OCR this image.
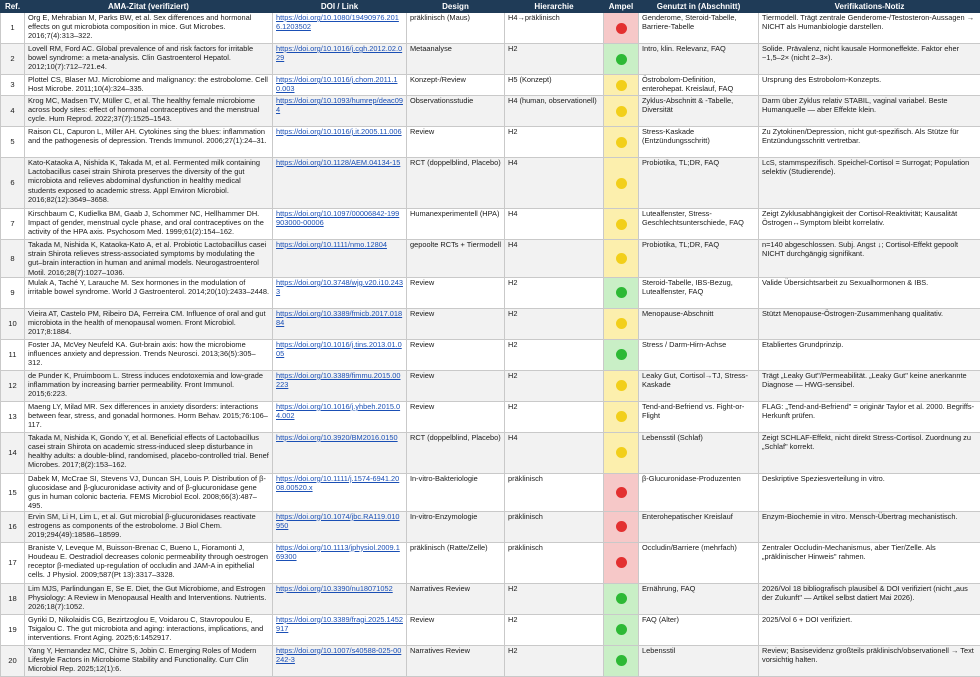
Ref.	AMA-Zitat (verifiziert)	DOI / Link	Design	Hierarchie	Ampel	Genutzt in (Abschnitt)	Verifikations-Notiz
1	Org E, Mehrabian M, Parks BW, et al. Sex differences and hormonal effects on gut microbiota composition in mice. Gut Microbes. 2016;7(4):313–322.	https://doi.org/10.1080/19490976.2016.1203502	präklinisch (Maus)	H4→präklinisch		Genderome, Steroid-Tabelle, Barriere-Tabelle	Tiermodell. Trägt zentrale Genderome-/Testosteron-Aussagen → NICHT als Humanbiologie darstellen.
2	Lovell RM, Ford AC. Global prevalence of and risk factors for irritable bowel syndrome: a meta-analysis. Clin Gastroenterol Hepatol. 2012;10(7):712–721.e4.	https://doi.org/10.1016/j.cgh.2012.02.029	Metaanalyse	H2		Intro, klin. Relevanz, FAQ	Solide. Prävalenz, nicht kausale Hormoneffekte. Faktor eher ~1,5–2× (nicht 2–3×).
3	Plottel CS, Blaser MJ. Microbiome and malignancy: the estrobolome. Cell Host Microbe. 2011;10(4):324–335.	https://doi.org/10.1016/j.chom.2011.10.003	Konzept-/Review	H5 (Konzept)		Östrobolom-Definition, enterohepat. Kreislauf, FAQ	Ursprung des Estrobolom-Konzepts.
4	Krog MC, Madsen TV, Müller C, et al. The healthy female microbiome across body sites: effect of hormonal contraceptives and the menstrual cycle. Hum Reprod. 2022;37(7):1525–1543.	https://doi.org/10.1093/humrep/deac094	Observationsstudie	H4 (human, observationell)		Zyklus-Abschnitt & -Tabelle, Diversität	Darm über Zyklus relativ STABIL, vaginal variabel. Beste Humanquelle — aber Effekte klein.
5	Raison CL, Capuron L, Miller AH. Cytokines sing the blues: inflammation and the pathogenesis of depression. Trends Immunol. 2006;27(1):24–31.	https://doi.org/10.1016/j.it.2005.11.006	Review	H2		Stress-Kaskade (Entzündungsschritt)	Zu Zytokinen/Depression, nicht gut-spezifisch. Als Stütze für Entzündungsschritt vertretbar.
6	Kato-Kataoka A, Nishida K, Takada M, et al. Fermented milk containing Lactobacillus casei strain Shirota preserves the diversity of the gut microbiota and relieves abdominal dysfunction in healthy medical students exposed to academic stress. Appl Environ Microbiol. 2016;82(12):3649–3658.	https://doi.org/10.1128/AEM.04134-15	RCT (doppelblind, Placebo)	H4		Probiotika, TL;DR, FAQ	LcS, stammspezifisch. Speichel-Cortisol = Surrogat; Population selektiv (Studierende).
7	Kirschbaum C, Kudielka BM, Gaab J, Schommer NC, Hellhammer DH. Impact of gender, menstrual cycle phase, and oral contraceptives on the activity of the HPA axis. Psychosom Med. 1999;61(2):154–162.	https://doi.org/10.1097/00006842-199903000-00006	Humanexperimentell (HPA)	H4		Lutealfenster, Stress-Geschlechtsunterschiede, FAQ	Zeigt Zyklusabhängigkeit der Cortisol-Reaktivität; Kausalität Östrogen↔Symptom bleibt korrelativ.
8	Takada M, Nishida K, Kataoka-Kato A, et al. Probiotic Lactobacillus casei strain Shirota relieves stress-associated symptoms by modulating the gut–brain interaction in human and animal models. Neurogastroenterol Motil. 2016;28(7):1027–1036.	https://doi.org/10.1111/nmo.12804	gepoolte RCTs + Tiermodell	H4		Probiotika, TL;DR, FAQ	n=140 abgeschlossen. Subj. Angst ↓; Cortisol-Effekt gepoolt NICHT durchgängig signifikant.
9	Mulak A, Taché Y, Larauche M. Sex hormones in the modulation of irritable bowel syndrome. World J Gastroenterol. 2014;20(10):2433–2448.	https://doi.org/10.3748/wjg.v20.i10.2433	Review	H2		Steroid-Tabelle, IBS-Bezug, Lutealfenster, FAQ	Valide Übersichtsarbeit zu Sexualhormonen & IBS.
10	Vieira AT, Castelo PM, Ribeiro DA, Ferreira CM. Influence of oral and gut microbiota in the health of menopausal women. Front Microbiol. 2017;8:1884.	https://doi.org/10.3389/fmicb.2017.01884	Review	H2		Menopause-Abschnitt	Stützt Menopause-Östrogen-Zusammenhang qualitativ.
11	Foster JA, McVey Neufeld KA. Gut-brain axis: how the microbiome influences anxiety and depression. Trends Neurosci. 2013;36(5):305–312.	https://doi.org/10.1016/j.tins.2013.01.005	Review	H2		Stress / Darm-Hirn-Achse	Etabliertes Grundprinzip.
12	de Punder K, Pruimboom L. Stress induces endotoxemia and low-grade inflammation by increasing barrier permeability. Front Immunol. 2015;6:223.	https://doi.org/10.3389/fimmu.2015.00223	Review	H2		Leaky Gut, Cortisol→TJ, Stress-Kaskade	Trägt „Leaky Gut"/Permeabilität. „Leaky Gut" keine anerkannte Diagnose — HWG-sensibel.
13	Maeng LY, Milad MR. Sex differences in anxiety disorders: interactions between fear, stress, and gonadal hormones. Horm Behav. 2015;76:106–117.	https://doi.org/10.1016/j.yhbeh.2015.04.002	Review	H2		Tend-and-Befriend vs. Fight-or-Flight	FLAG: „Tend-and-Befriend" = originär Taylor et al. 2000. Begriffs-Herkunft prüfen.
14	Takada M, Nishida K, Gondo Y, et al. Beneficial effects of Lactobacillus casei strain Shirota on academic stress-induced sleep disturbance in healthy adults: a double-blind, randomised, placebo-controlled trial. Benef Microbes. 2017;8(2):153–162.	https://doi.org/10.3920/BM2016.0150	RCT (doppelblind, Placebo)	H4		Lebensstil (Schlaf)	Zeigt SCHLAF-Effekt, nicht direkt Stress-Cortisol. Zuordnung zu „Schlaf" korrekt.
15	Dabek M, McCrae SI, Stevens VJ, Duncan SH, Louis P. Distribution of β-glucosidase and β-glucuronidase activity and of β-glucuronidase gene gus in human colonic bacteria. FEMS Microbiol Ecol. 2008;66(3):487–495.	https://doi.org/10.1111/j.1574-6941.2008.00520.x	In-vitro-Bakteriologie	präklinisch		β-Glucuronidase-Produzenten	Deskriptive Speziesverteilung in vitro.
16	Ervin SM, Li H, Lim L, et al. Gut microbial β-glucuronidases reactivate estrogens as components of the estrobolome. J Biol Chem. 2019;294(49):18586–18599.	https://doi.org/10.1074/jbc.RA119.010950	In-vitro-Enzymologie	präklinisch		Enterohepatischer Kreislauf	Enzym-Biochemie in vitro. Mensch-Übertrag mechanistisch.
17	Braniste V, Leveque M, Buisson-Brenac C, Bueno L, Fioramonti J, Houdeau E. Oestradiol decreases colonic permeability through oestrogen receptor β-mediated up-regulation of occludin and JAM-A in epithelial cells. J Physiol. 2009;587(Pt 13):3317–3328.	https://doi.org/10.1113/jphysiol.2009.169300	präklinisch (Ratte/Zelle)	präklinisch		Occludin/Barriere (mehrfach)	Zentraler Occludin-Mechanismus, aber Tier/Zelle. Als „präklinischer Hinweis" rahmen.
18	Lim MJS, Parlindungan E, Se E. Diet, the Gut Microbiome, and Estrogen Physiology: A Review in Menopausal Health and Interventions. Nutrients. 2026;18(7):1052.	https://doi.org/10.3390/nu18071052	Narratives Review	H2		Ernährung, FAQ	2026/Vol 18 bibliografisch plausibel & DOI verifiziert (nicht „aus der Zukunft" — Artikel selbst datiert Mai 2026).
19	Gyriki D, Nikolaidis CG, Bezirtzoglou E, Voidarou C, Stavropoulou E, Tsigalou C. The gut microbiota and aging: interactions, implications, and interventions. Front Aging. 2025;6:1452917.	https://doi.org/10.3389/fragi.2025.1452917	Review	H2		FAQ (Alter)	2025/Vol 6 + DOI verifiziert.
20	Yang Y, Hernandez MC, Chitre S, Jobin C. Emerging Roles of Modern Lifestyle Factors in Microbiome Stability and Functionality. Curr Clin Microbiol Rep. 2025;12(1):6.	https://doi.org/10.1007/s40588-025-00242-3	Narratives Review	H2		Lebensstil	Review; Basisevidenz großteils präklinisch/observationell → Text vorsichtig halten.
